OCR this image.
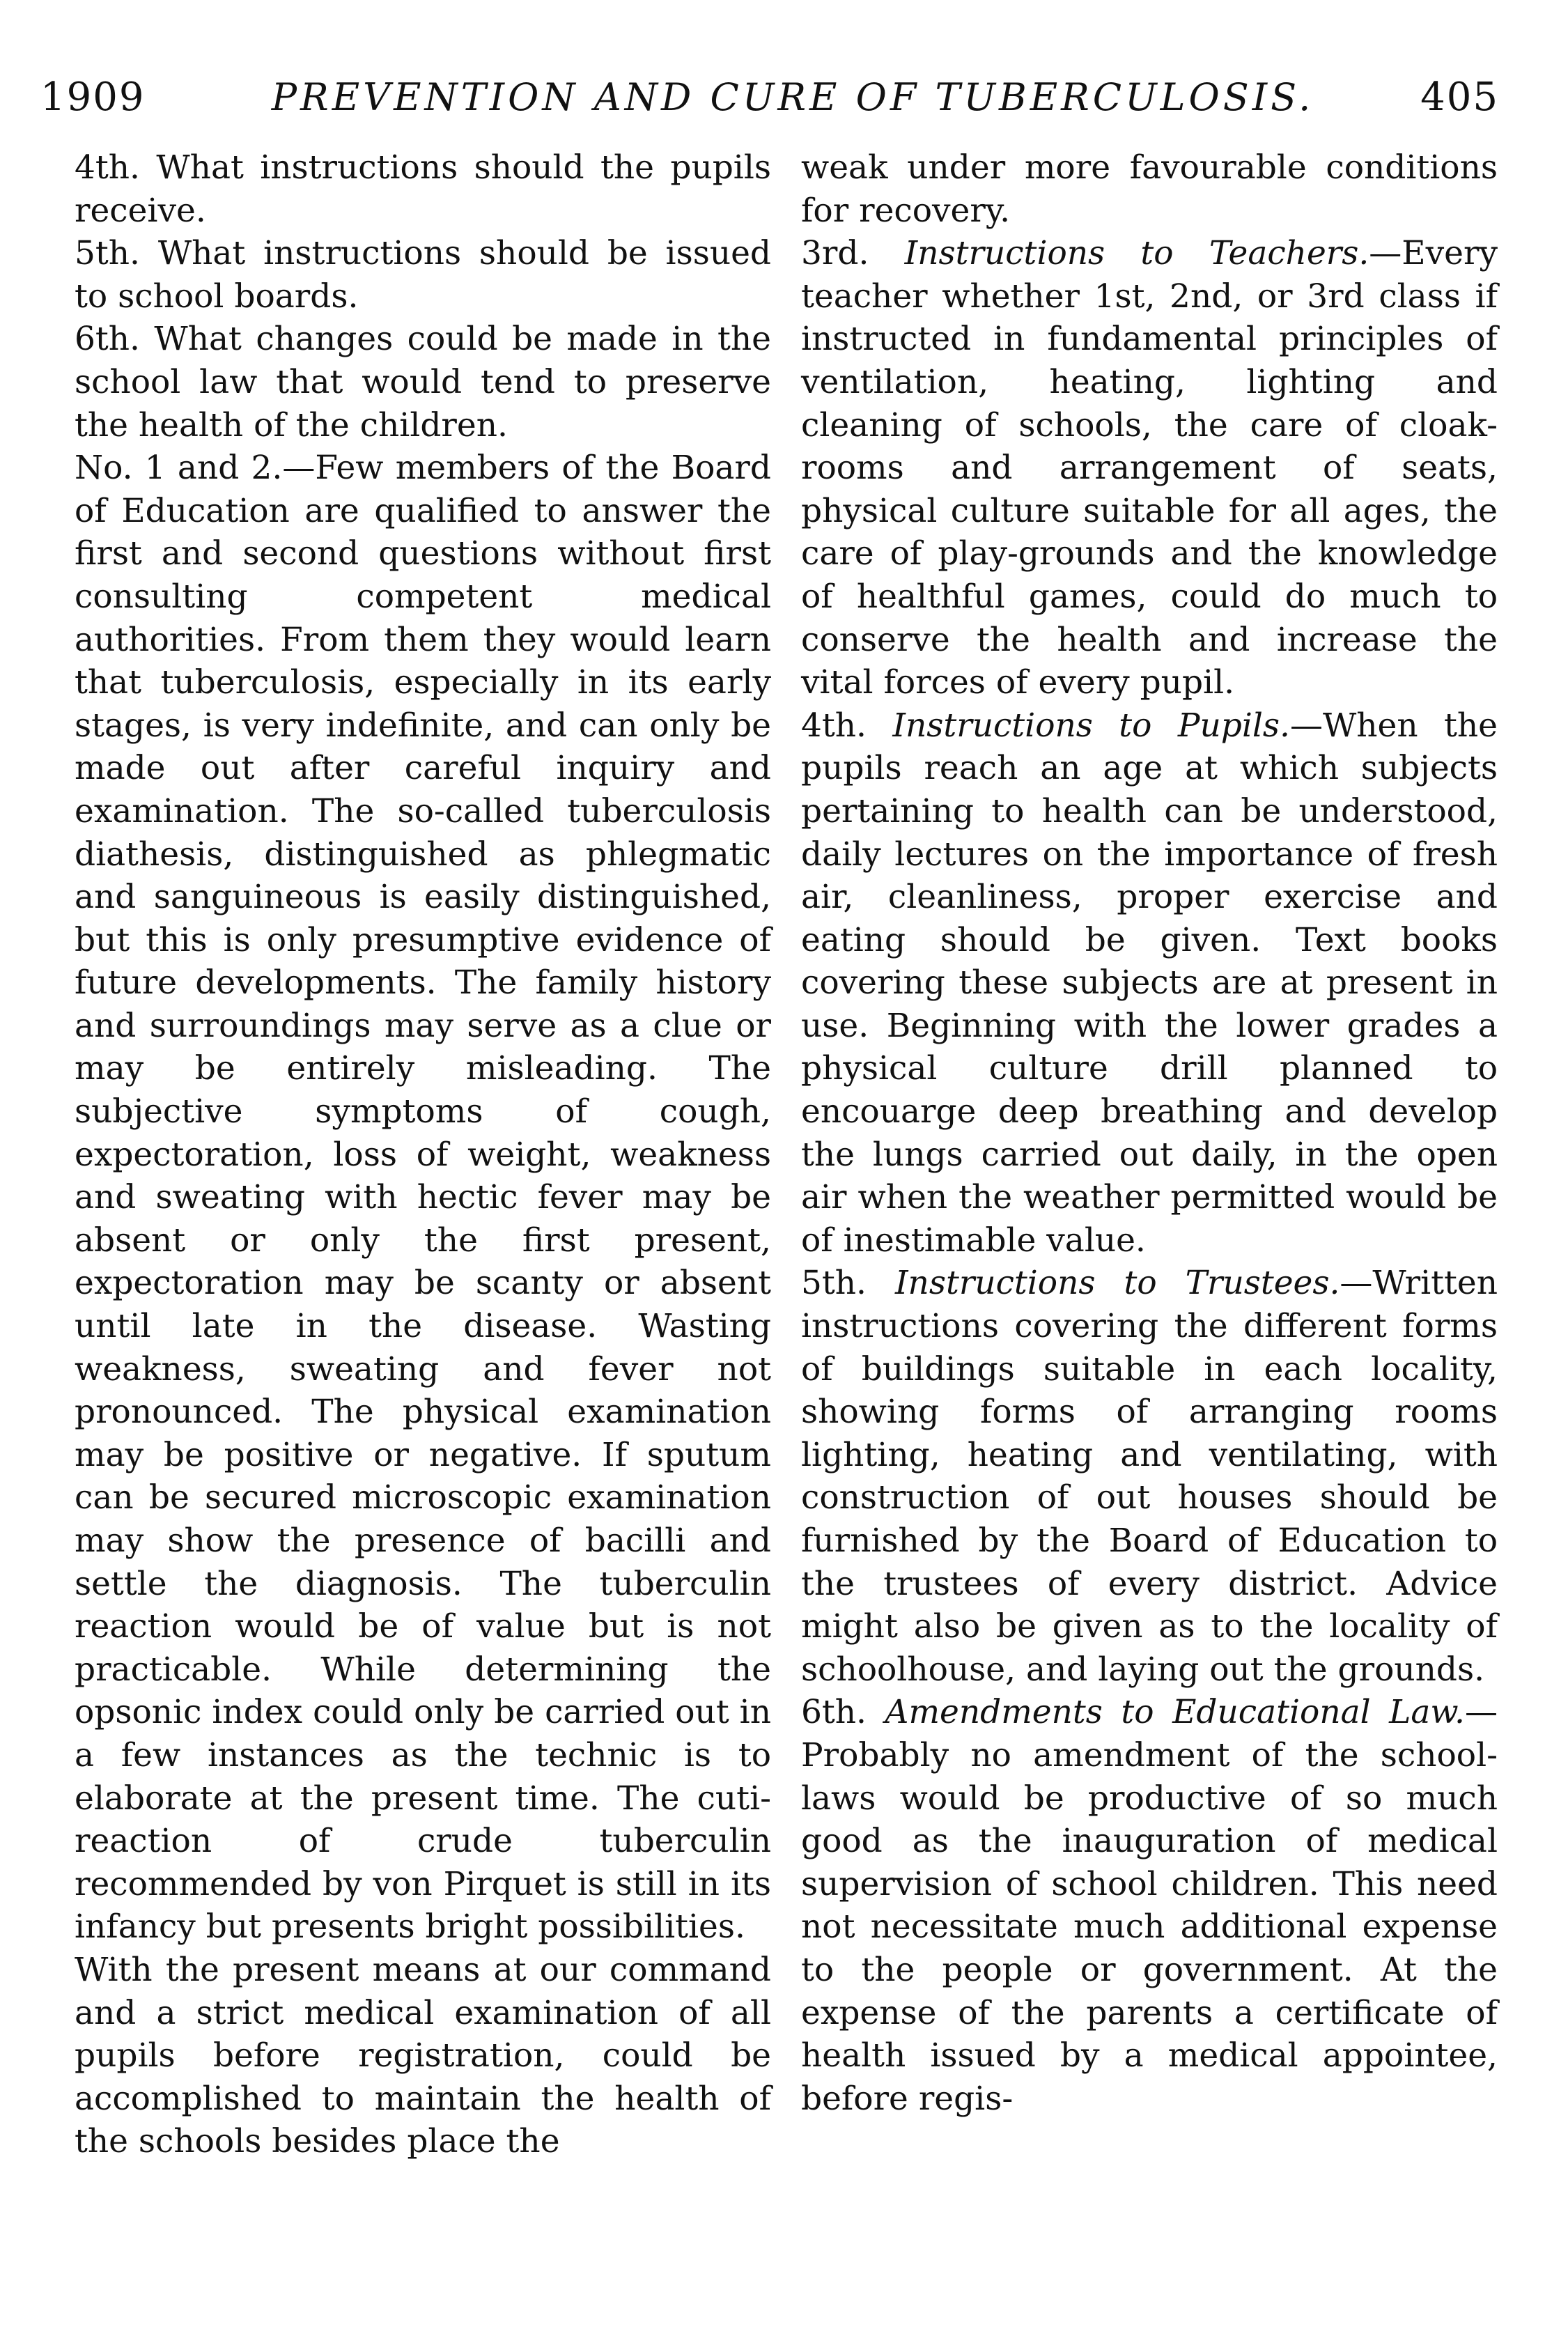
1909	PREVENTION AND CURE OF TUBERCULOSIS.	405

4th. What instructions should the pupils receive.

5th. What instructions should be issued to school boards.

6th. What changes could be made in the school law that would tend to preserve the health of the children.

No. 1 and 2.—Few members of the Board of Education are qualified to answer the first and second questions without first consulting competent medical authorities. From them they would learn that tuberculosis, especially in its early stages, is very indefinite, and can only be made out after careful inquiry and examination. The so-called tuberculosis diathesis, distinguished as phlegmatic and sanguineous is easily distinguished, but this is only presumptive evidence of future developments. The family history and surroundings may serve as a clue or may be entirely misleading. The subjective symptoms of cough, expectoration, loss of weight, weakness and sweating with hectic fever may be absent or only the first present, expectoration may be scanty or absent until late in the disease. Wasting weakness, sweating and fever not pronounced. The physical examination may be positive or negative. If sputum can be secured microscopic examination may show the presence of bacilli and settle the diagnosis. The tuberculin reaction would be of value but is not practicable. While determining the opsonic index could only be carried out in a few instances as the technic is to elaborate at the present time. The cuti-reaction of crude tuberculin recommended by von Pirquet is still in its infancy but presents bright possibilities.

With the present means at our command and a strict medical examination of all pupils before registration, could be accomplished to maintain the health of the schools besides place the

weak under more favourable conditions for recovery.

3rd. Instructions to Teachers.—Every teacher whether 1st, 2nd, or 3rd class if instructed in fundamental principles of ventilation, heating, lighting and cleaning of schools, the care of cloak-rooms and arrangement of seats, physical culture suitable for all ages, the care of play-grounds and the knowledge of healthful games, could do much to conserve the health and increase the vital forces of every pupil.

4th. Instructions to Pupils.—When the pupils reach an age at which subjects pertaining to health can be understood, daily lectures on the importance of fresh air, cleanliness, proper exercise and eating should be given. Text books covering these subjects are at present in use. Beginning with the lower grades a physical culture drill planned to encouarge deep breathing and develop the lungs carried out daily, in the open air when the weather permitted would be of inestimable value.

5th. Instructions to Trustees.—Written instructions covering the different forms of buildings suitable in each locality, showing forms of arranging rooms lighting, heating and ventilating, with construction of out houses should be furnished by the Board of Education to the trustees of every district. Advice might also be given as to the locality of schoolhouse, and laying out the grounds.

6th. Amendments to Educational Law.—Probably no amendment of the school-laws would be productive of so much good as the inauguration of medical supervision of school children. This need not necessitate much additional expense to the people or government. At the expense of the parents a certificate of health issued by a medical appointee, before regis-
